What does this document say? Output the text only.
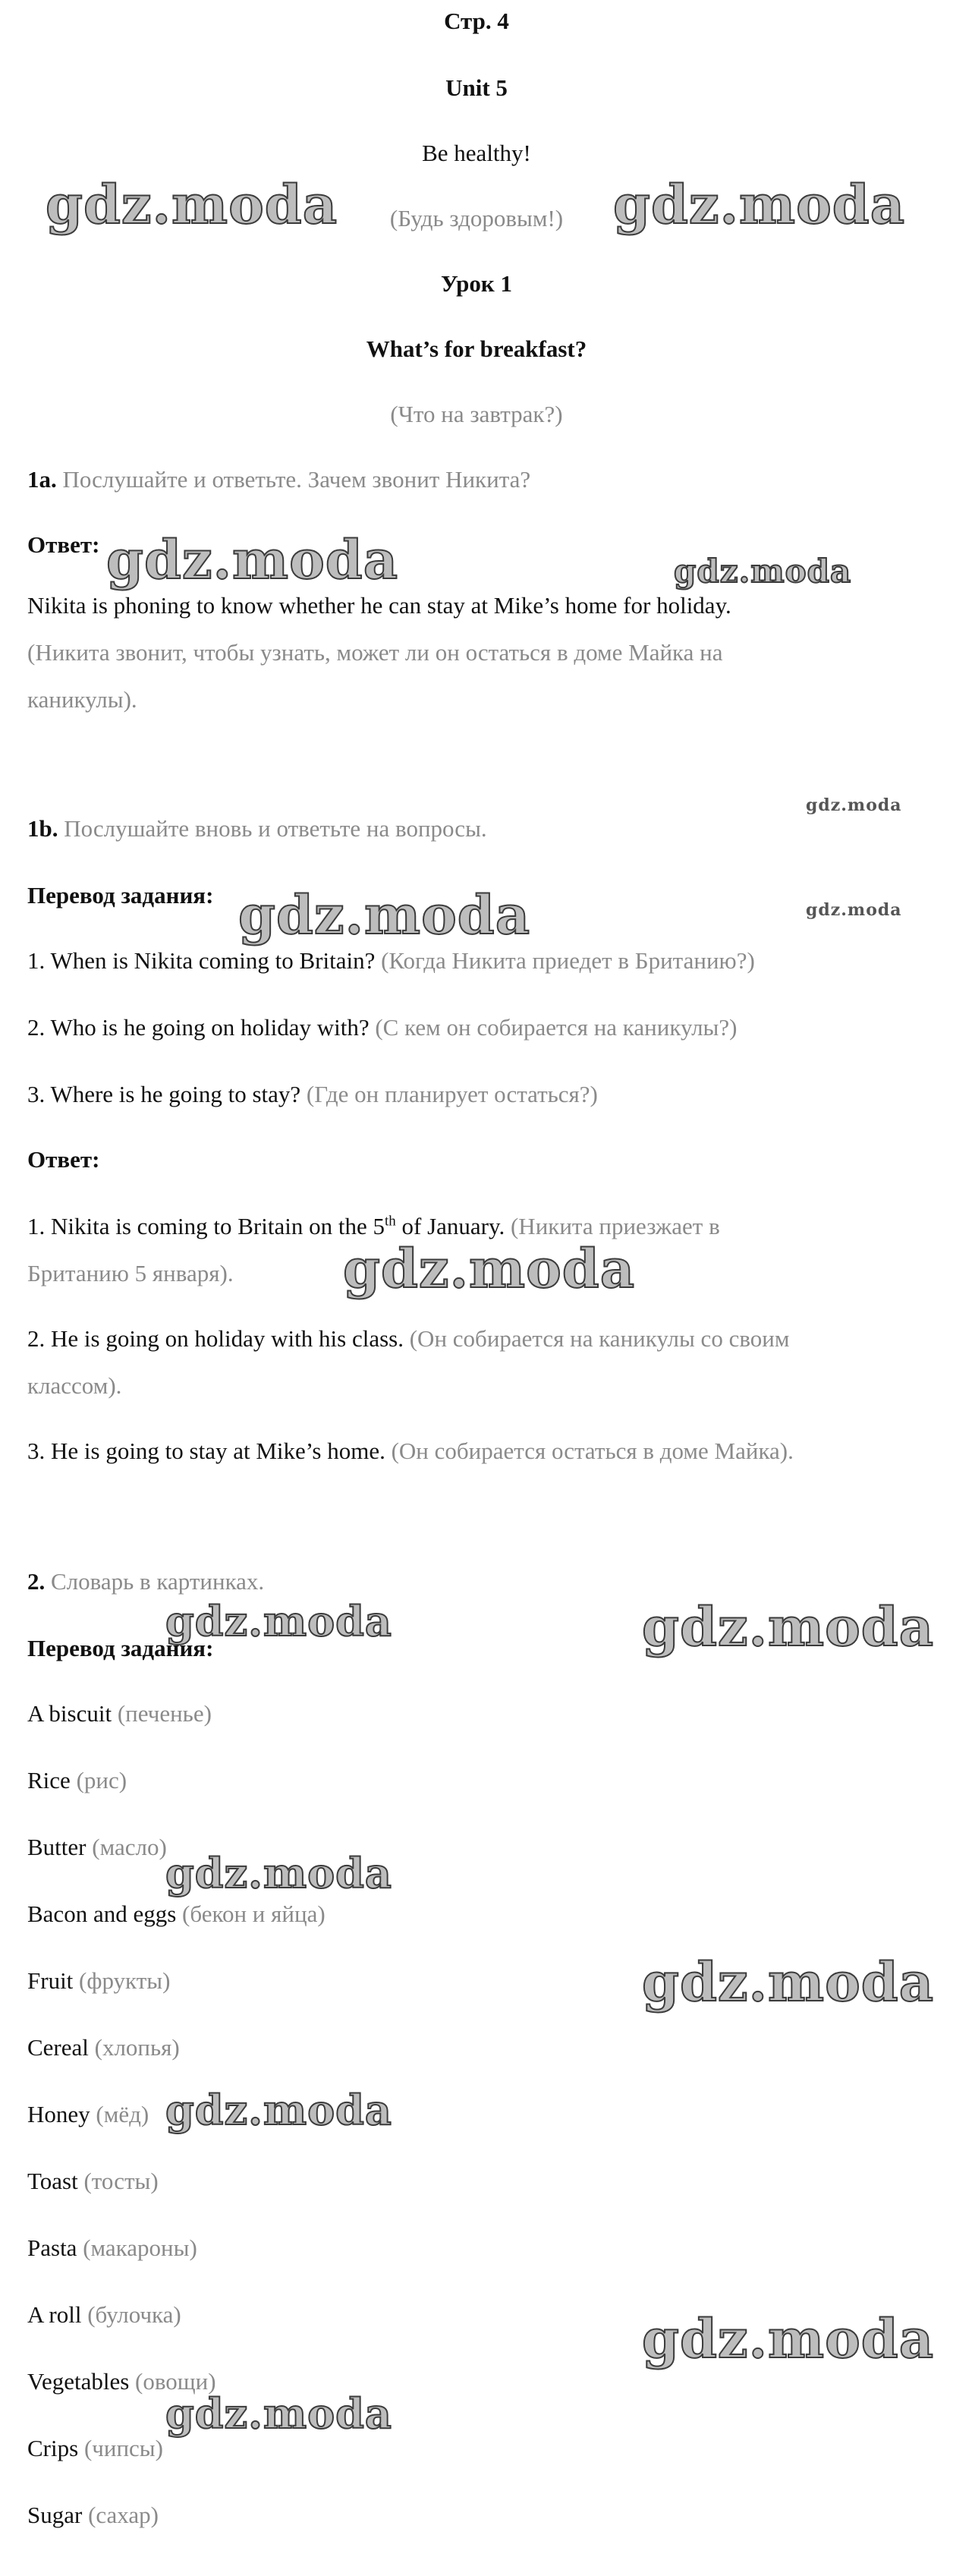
Стр. 4
Unit 5
Be healthy!
(Будь здоровым!)
Урок 1
What’s for breakfast?
(Что на завтрак?)
1a. Послушайте и ответьте. Зачем звонит Никита?
Ответ:
Nikita is phoning to know whether he can stay at Mike’s home for holiday.
(Никита звонит, чтобы узнать, может ли он остаться в доме Майка на
каникулы).
1b. Послушайте вновь и ответьте на вопросы.
Перевод задания:
1. When is Nikita coming to Britain? (Когда Никита приедет в Британию?)
2. Who is he going on holiday with? (С кем он собирается на каникулы?)
3. Where is he going to stay? (Где он планирует остаться?)
Ответ:
1. Nikita is coming to Britain on the 5th of January. (Никита приезжает в
Британию 5 января).
2. He is going on holiday with his class. (Он собирается на каникулы со своим
классом).
3. He is going to stay at Mike’s home. (Он собирается остаться в доме Майка).
2. Словарь в картинках.
Перевод задания:
A biscuit (печенье)
Rice (рис)
Butter (масло)
Bacon and eggs (бекон и яйца)
Fruit (фрукты)
Cereal (хлопья)
Honey (мёд)
Toast (тосты)
Pasta (макароны)
A roll (булочка)
Vegetables (овощи)
Crips (чипсы)
Sugar (сахар)
gdz.moda	gdz.moda
gdz.moda	gdz.moda
gdz.moda
gdz.moda	gdz.moda
gdz.moda
gdz.moda	gdz.moda
gdz.moda
gdz.moda
gdz.moda
gdz.moda
gdz.moda
